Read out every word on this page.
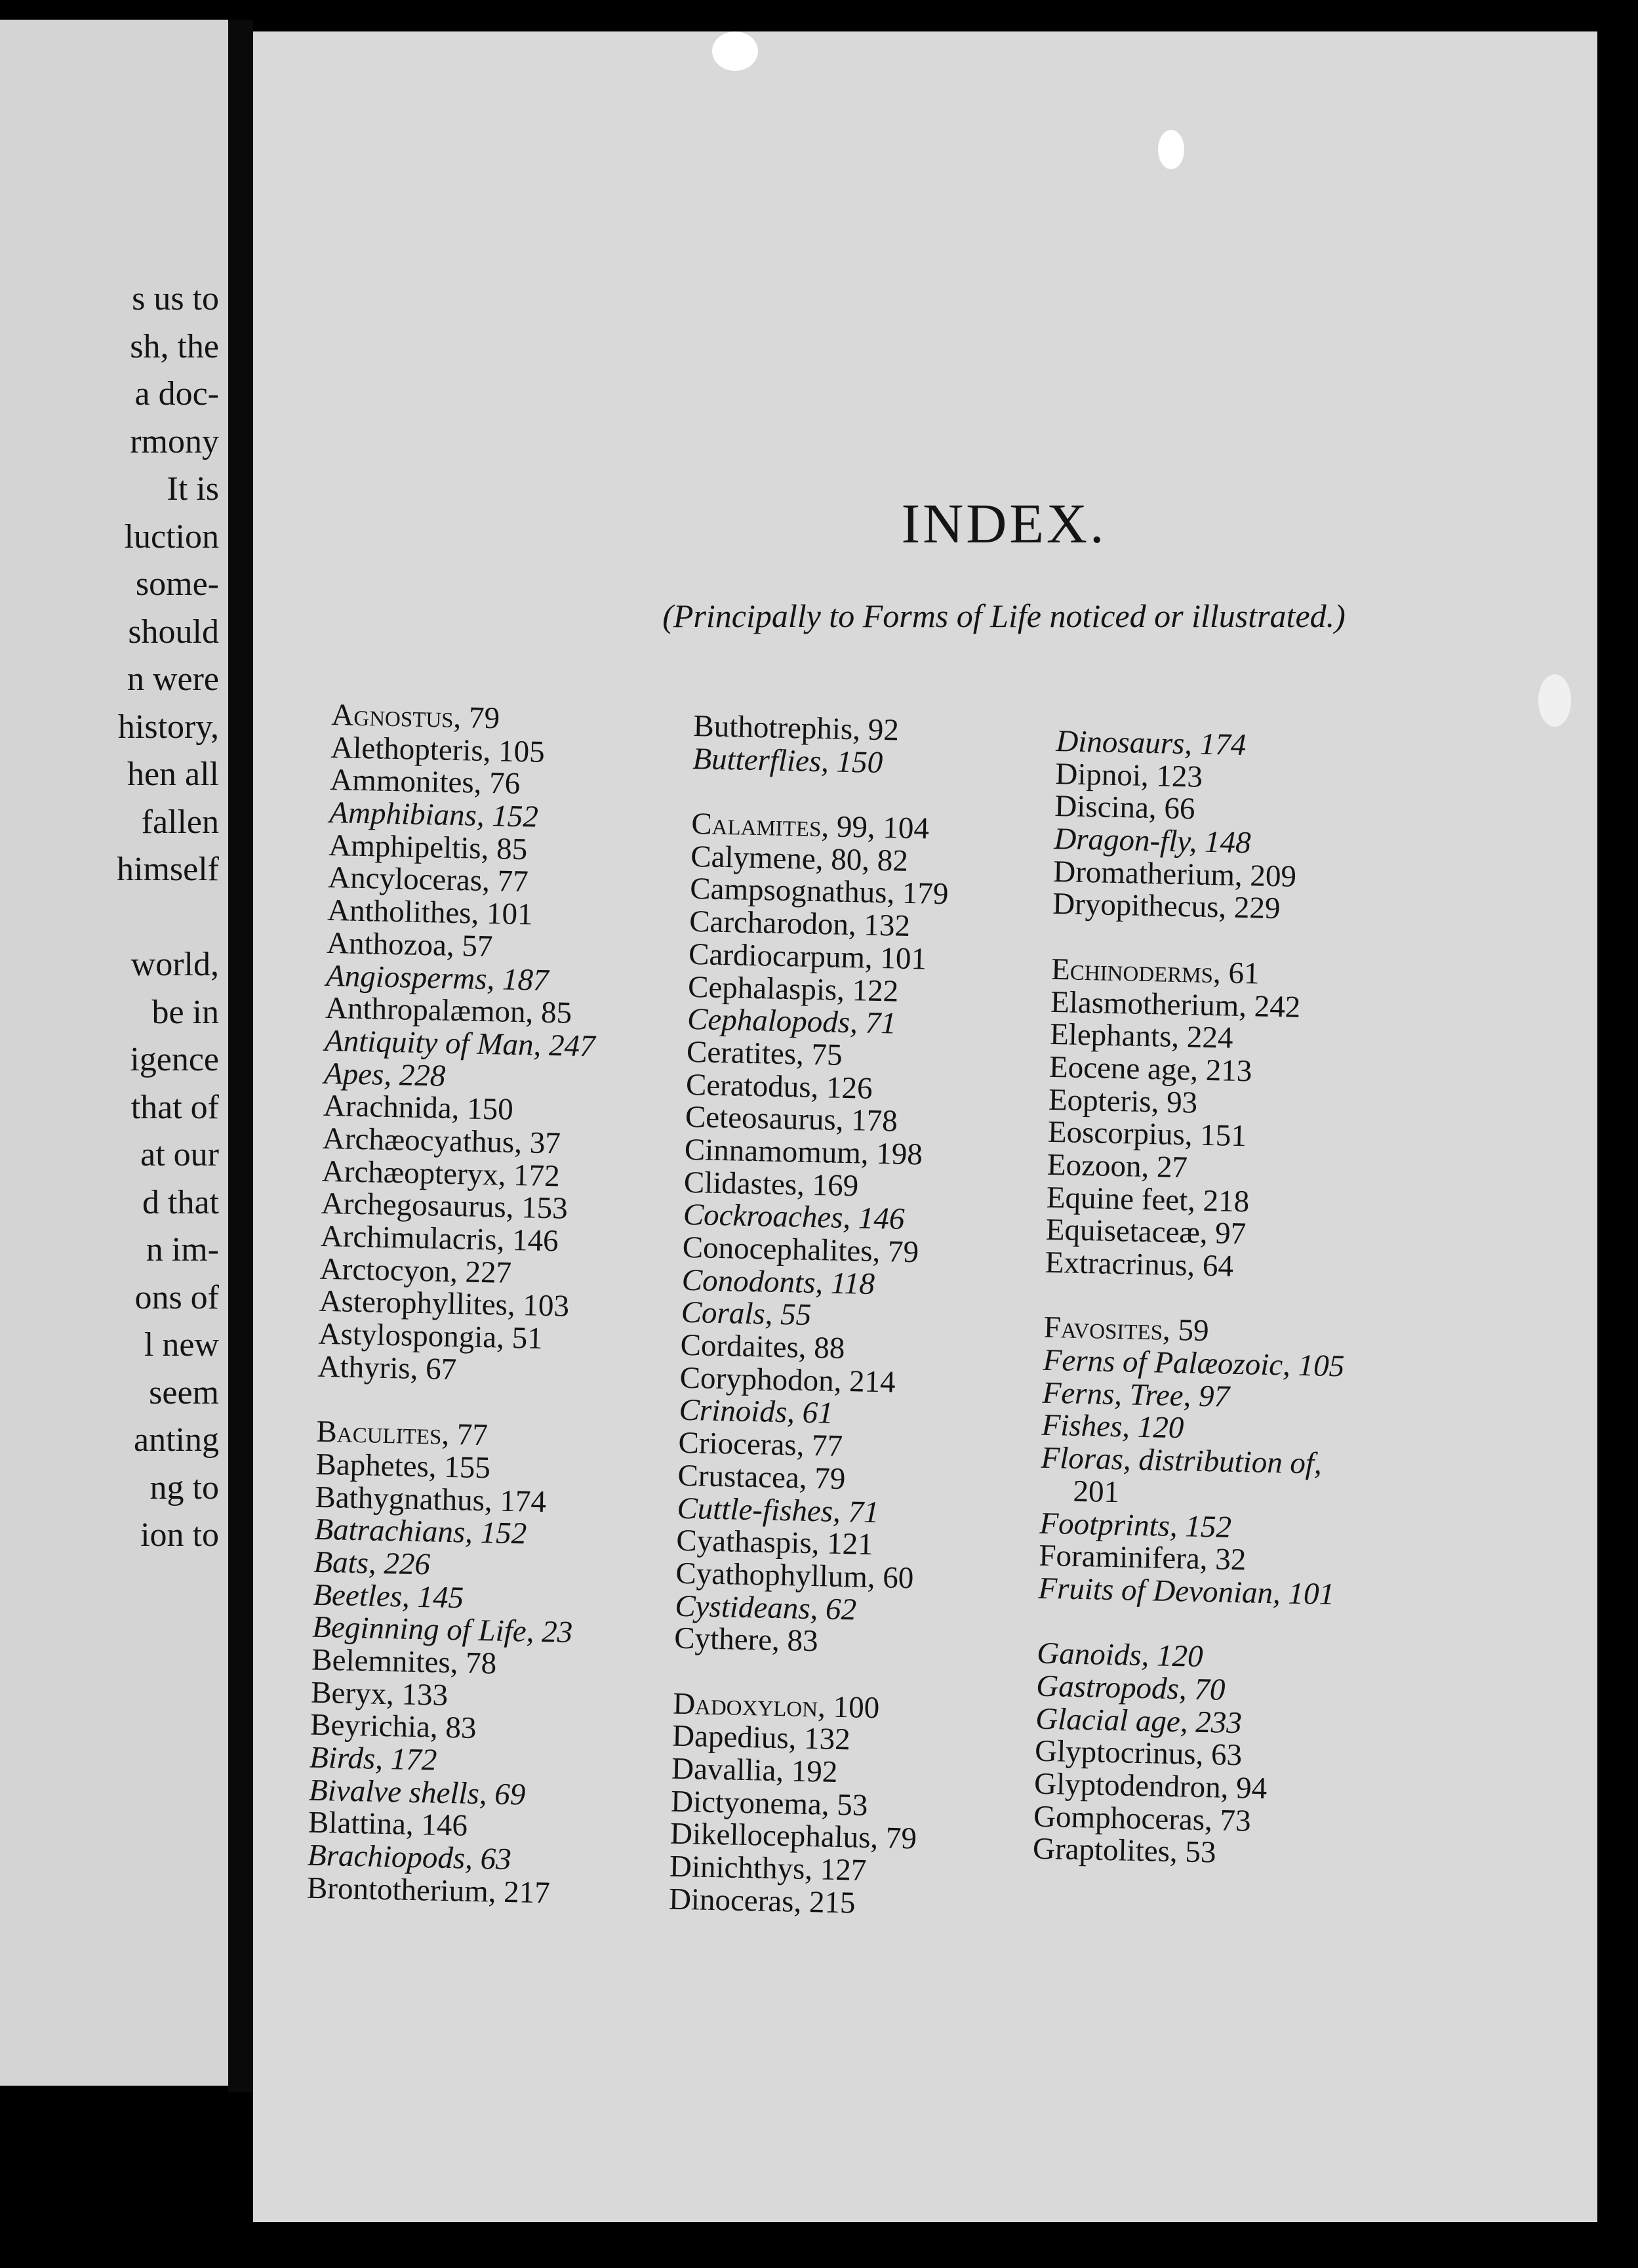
s us to
sh, the
a doc-
rmony
It is
luction
some-
should
n were
history,
hen all
fallen
himself
world,
be in
igence
that of
at our
d that
n im-
ons of
l new
seem
anting
ng to
ion to
INDEX.
(Principally to Forms of Life noticed or illustrated.)
Agnostus, 79
Alethopteris, 105
Ammonites, 76
Amphibians, 152
Amphipeltis, 85
Ancyloceras, 77
Antholithes, 101
Anthozoa, 57
Angiosperms, 187
Anthropalæmon, 85
Antiquity of Man, 247
Apes, 228
Arachnida, 150
Archæocyathus, 37
Archæopteryx, 172
Archegosaurus, 153
Archimulacris, 146
Arctocyon, 227
Asterophyllites, 103
Astylospongia, 51
Athyris, 67
Baculites, 77
Baphetes, 155
Bathygnathus, 174
Batrachians, 152
Bats, 226
Beetles, 145
Beginning of Life, 23
Belemnites, 78
Beryx, 133
Beyrichia, 83
Birds, 172
Bivalve shells, 69
Blattina, 146
Brachiopods, 63
Brontotherium, 217
Buthotrephis, 92
Butterflies, 150
Calamites, 99, 104
Calymene, 80, 82
Campsognathus, 179
Carcharodon, 132
Cardiocarpum, 101
Cephalaspis, 122
Cephalopods, 71
Ceratites, 75
Ceratodus, 126
Ceteosaurus, 178
Cinnamomum, 198
Clidastes, 169
Cockroaches, 146
Conocephalites, 79
Conodonts, 118
Corals, 55
Cordaites, 88
Coryphodon, 214
Crinoids, 61
Crioceras, 77
Crustacea, 79
Cuttle-fishes, 71
Cyathaspis, 121
Cyathophyllum, 60
Cystideans, 62
Cythere, 83
Dadoxylon, 100
Dapedius, 132
Davallia, 192
Dictyonema, 53
Dikellocephalus, 79
Dinichthys, 127
Dinoceras, 215
Dinosaurs, 174
Dipnoi, 123
Discina, 66
Dragon-fly, 148
Dromatherium, 209
Dryopithecus, 229
Echinoderms, 61
Elasmotherium, 242
Elephants, 224
Eocene age, 213
Eopteris, 93
Eoscorpius, 151
Eozoon, 27
Equine feet, 218
Equisetaceæ, 97
Extracrinus, 64
Favosites, 59
Ferns of Palæozoic, 105
Ferns, Tree, 97
Fishes, 120
Floras, distribution of,
201
Footprints, 152
Foraminifera, 32
Fruits of Devonian, 101
Ganoids, 120
Gastropods, 70
Glacial age, 233
Glyptocrinus, 63
Glyptodendron, 94
Gomphoceras, 73
Graptolites, 53
